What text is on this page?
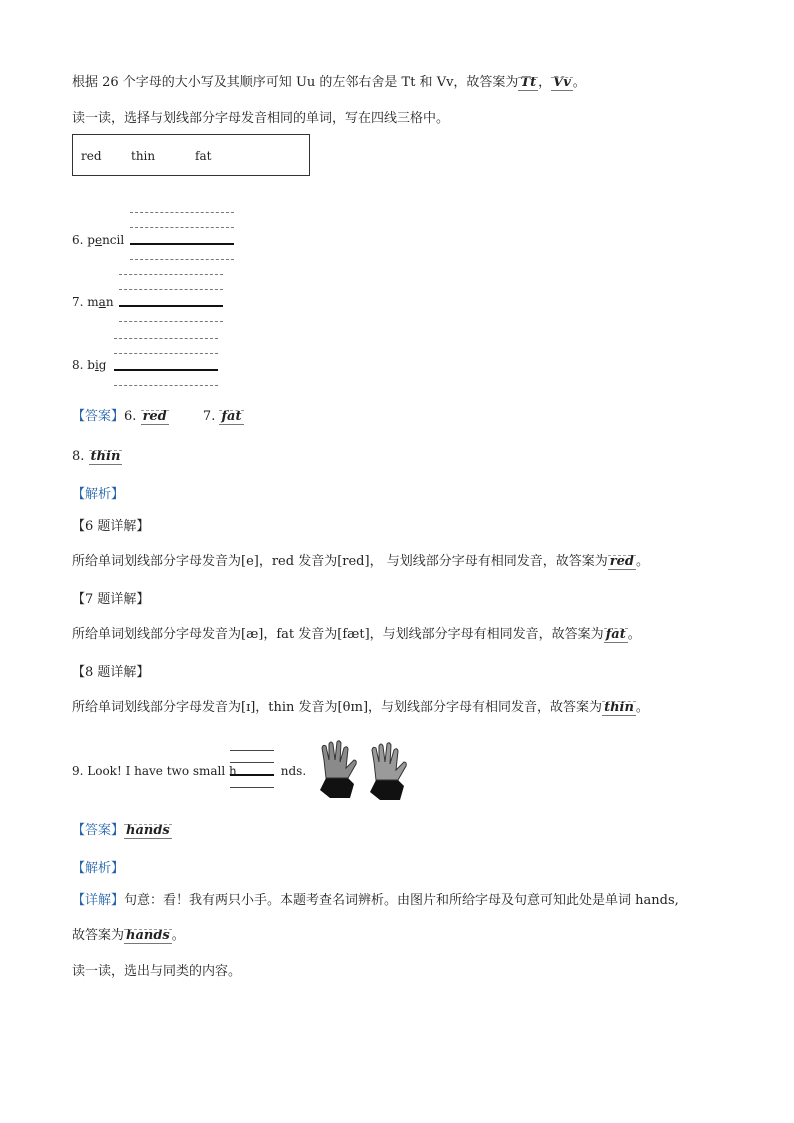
根据 26 个字母的大小写及其顺序可知 Uu 的左邻右舍是 Tt 和 Vv，故答案为 Tt ， Vv 。
读一读，选择与划线部分字母发音相同的单词，写在四线三格中。
red thin	fat
6. pencil
7. man
8. big
【答案】6. red	7. fat
8. thin
【解析】
【6 题详解】
所给单词划线部分字母发音为[e]，red 发音为[red]， 与划线部分字母有相同发音，故答案为 red 。
【7 题详解】
所给单词划线部分字母发音为[æ]，fat 发音为[fæt]，与划线部分字母有相同发音，故答案为 fat 。
【8 题详解】
所给单词划线部分字母发音为[ɪ]，thin 发音为[θɪn]，与划线部分字母有相同发音，故答案为 thin 。
9. Look! I have two small h	nds.
【答案】 hands
【解析】
【详解】句意：看！我有两只小手。本题考查名词辨析。由图片和所给字母及句意可知此处是单词 hands,
故答案为 hands 。
读一读，选出与同类的内容。
